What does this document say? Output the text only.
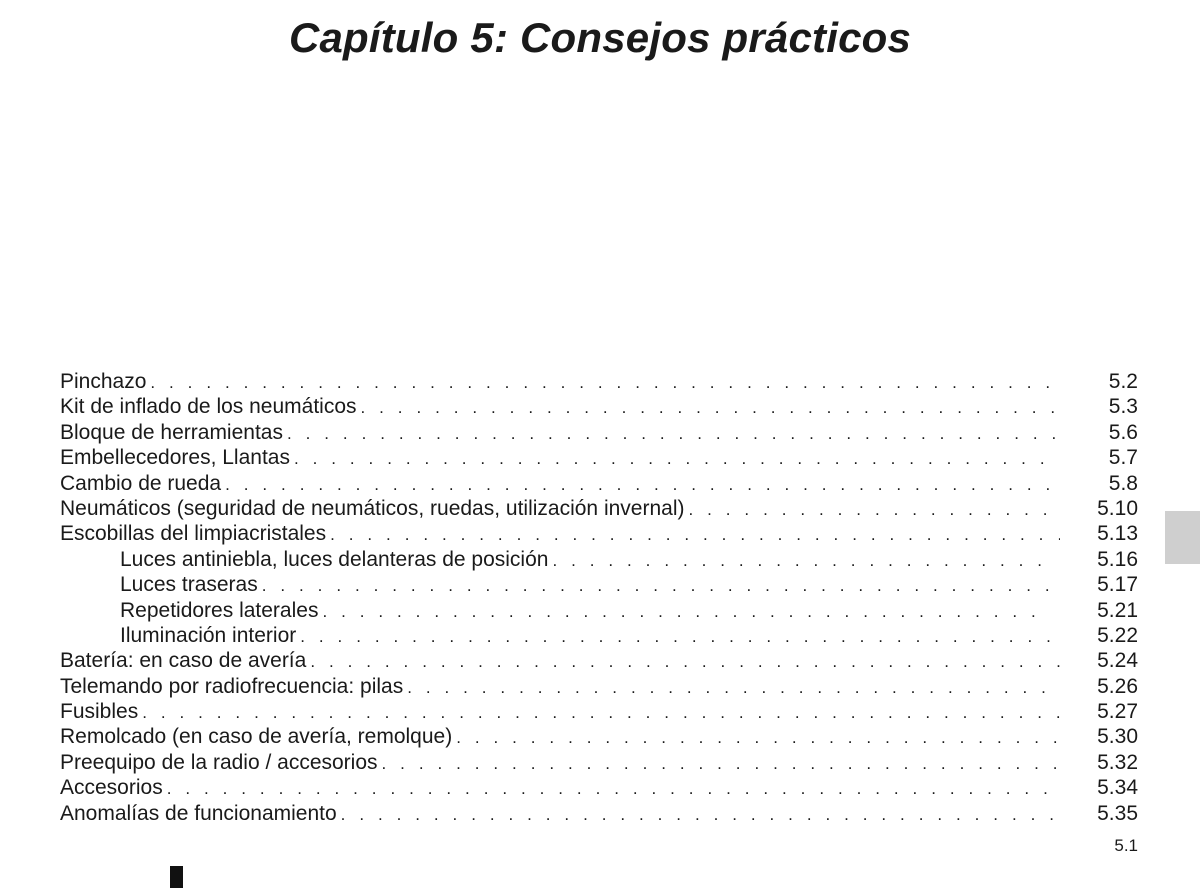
Capítulo 5: Consejos prácticos
Pinchazo . . .	5.2
Kit de inflado de los neumáticos . . .	5.3
Bloque de herramientas . . .	5.6
Embellecedores, Llantas . . .	5.7
Cambio de rueda . . .	5.8
Neumáticos (seguridad de neumáticos, ruedas, utilización invernal) . . .	5.10
Escobillas del limpiacristales . . .	5.13
Luces antiniebla, luces delanteras de posición . . .	5.16
Luces traseras . . .	5.17
Repetidores laterales . . .	5.21
Iluminación interior . . .	5.22
Batería: en caso de avería . . .	5.24
Telemando por radiofrecuencia: pilas . . .	5.26
Fusibles . . .	5.27
Remolcado (en caso de avería, remolque) . . .	5.30
Preequipo de la radio / accesorios . . .	5.32
Accesorios . . .	5.34
Anomalías de funcionamiento . . .	5.35
5.1
